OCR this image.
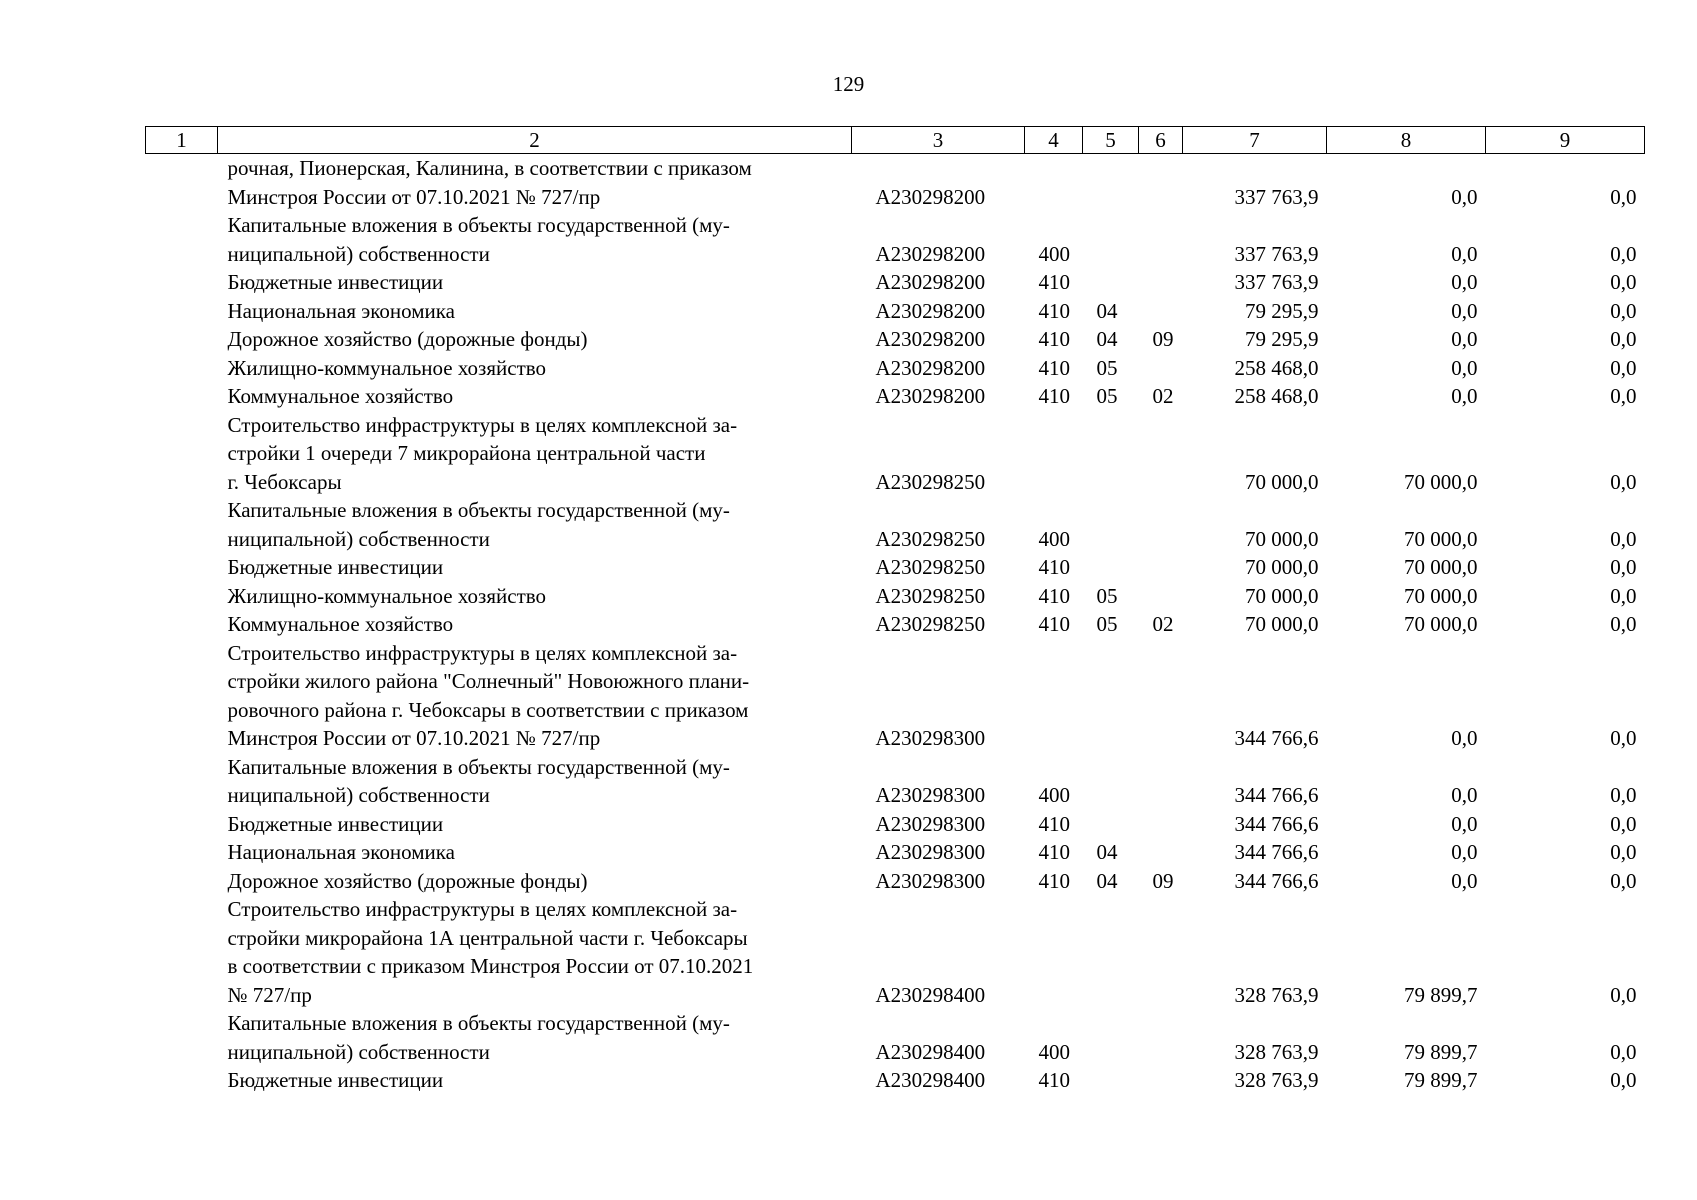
129
1	2	3	4	5	6	7	8	9

	рочная, Пионерская, Калинина, в соответствии с приказом
Минстроя России от 07.10.2021 № 727/пр	А230298200				337 763,9	0,0	0,0

	Капитальные вложения в объекты государственной (му-
ниципальной) собственности	А230298200	400			337 763,9	0,0	0,0

	Бюджетные инвестиции	А230298200	410			337 763,9	0,0	0,0

	Национальная экономика	А230298200	410	04		79 295,9	0,0	0,0

	Дорожное хозяйство (дорожные фонды)	А230298200	410	04	09	79 295,9	0,0	0,0

	Жилищно-коммунальное хозяйство	А230298200	410	05		258 468,0	0,0	0,0

	Коммунальное хозяйство	А230298200	410	05	02	258 468,0	0,0	0,0

	Строительство инфраструктуры в целях комплексной за-
стройки 1 очереди 7 микрорайона центральной части
г. Чебоксары	А230298250				70 000,0	70 000,0	0,0

	Капитальные вложения в объекты государственной (му-
ниципальной) собственности	А230298250	400			70 000,0	70 000,0	0,0

	Бюджетные инвестиции	А230298250	410			70 000,0	70 000,0	0,0

	Жилищно-коммунальное хозяйство	А230298250	410	05		70 000,0	70 000,0	0,0

	Коммунальное хозяйство	А230298250	410	05	02	70 000,0	70 000,0	0,0

	Строительство инфраструктуры в целях комплексной за-
стройки жилого района "Солнечный" Новоюжного плани-
ровочного района г. Чебоксары в соответствии с приказом
Минстроя России от 07.10.2021 № 727/пр	А230298300				344 766,6	0,0	0,0

	Капитальные вложения в объекты государственной (му-
ниципальной) собственности	А230298300	400			344 766,6	0,0	0,0

	Бюджетные инвестиции	А230298300	410			344 766,6	0,0	0,0

	Национальная экономика	А230298300	410	04		344 766,6	0,0	0,0

	Дорожное хозяйство (дорожные фонды)	А230298300	410	04	09	344 766,6	0,0	0,0

	Строительство инфраструктуры в целях комплексной за-
стройки микрорайона 1А центральной части г. Чебоксары
в соответствии с приказом Минстроя России от 07.10.2021
№ 727/пр	А230298400				328 763,9	79 899,7	0,0

	Капитальные вложения в объекты государственной (му-
ниципальной) собственности	А230298400	400			328 763,9	79 899,7	0,0

	Бюджетные инвестиции	А230298400	410			328 763,9	79 899,7	0,0
